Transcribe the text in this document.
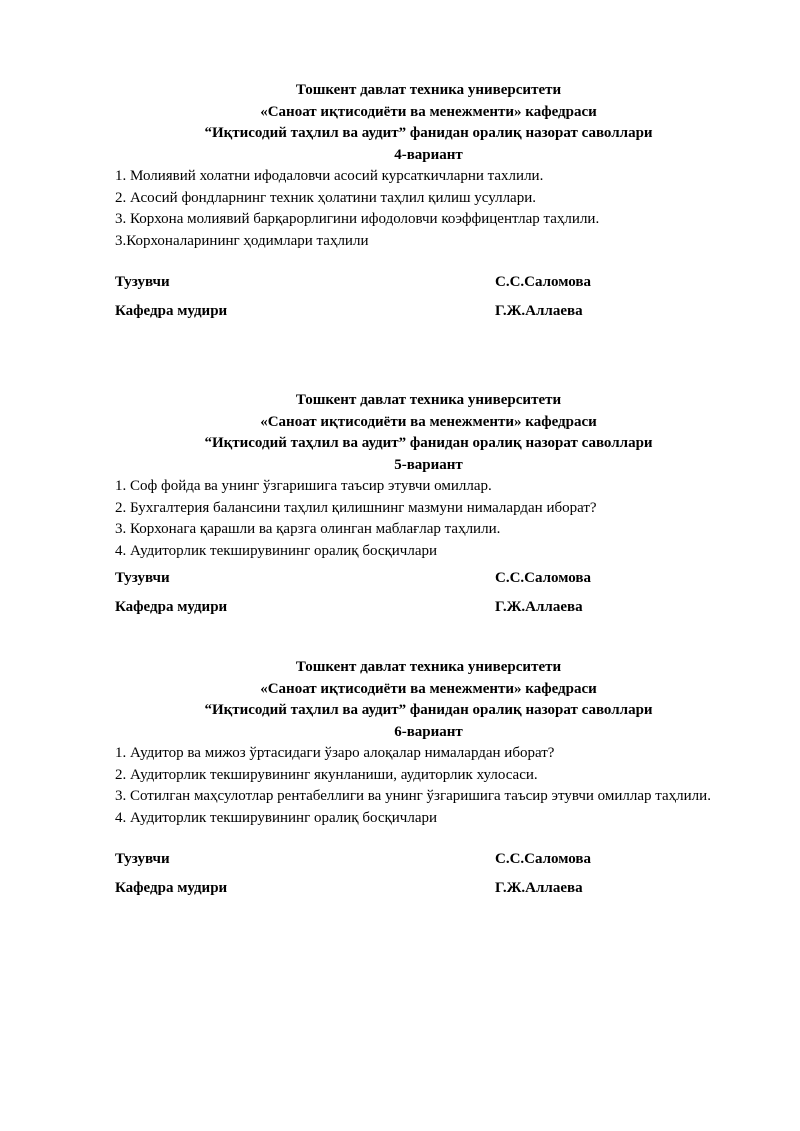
Тошкент давлат техника университети
«Саноат иқтисодиёти ва менежменти» кафедраси
“Иқтисодий таҳлил ва аудит” фанидан оралиқ назорат саволлари
4-вариант
1. Молиявий холатни ифодаловчи асосий курсаткичларни тахлили.
2. Асосий фондларнинг техник ҳолатини таҳлил қилиш усуллари.
3. Корхона молиявий барқарорлигини ифодоловчи коэффицентлар таҳлили.
3.Корхоналарининг ҳодимлари таҳлили
Тузувчи	С.С.Саломова
Кафедра мудири	Г.Ж.Аллаева
Тошкент давлат техника университети
«Саноат иқтисодиёти ва менежменти» кафедраси
“Иқтисодий таҳлил ва аудит” фанидан оралиқ назорат саволлари
5-вариант
1. Соф фойда ва унинг ўзгаришига таъсир этувчи омиллар.
2. Бухгалтерия балансини таҳлил қилишнинг мазмуни нималардан иборат?
3. Корхонага қарашли ва қарзга олинган маблағлар таҳлили.
4. Аудиторлик текширувининг оралиқ босқичлари
Тузувчи	С.С.Саломова
Кафедра мудири	Г.Ж.Аллаева
Тошкент давлат техника университети
«Саноат иқтисодиёти ва менежменти» кафедраси
“Иқтисодий таҳлил ва аудит” фанидан оралиқ назорат саволлари
6-вариант
1. Аудитор ва мижоз ўртасидаги ўзаро алоқалар нималардан иборат?
2. Аудиторлик текширувининг якунланиши, аудиторлик хулосаси.
3. Сотилган маҳсулотлар рентабеллиги ва унинг ўзгаришига таъсир этувчи омиллар таҳлили.
4. Аудиторлик текширувининг оралиқ босқичлари
Тузувчи	С.С.Саломова
Кафедра мудири	Г.Ж.Аллаева
